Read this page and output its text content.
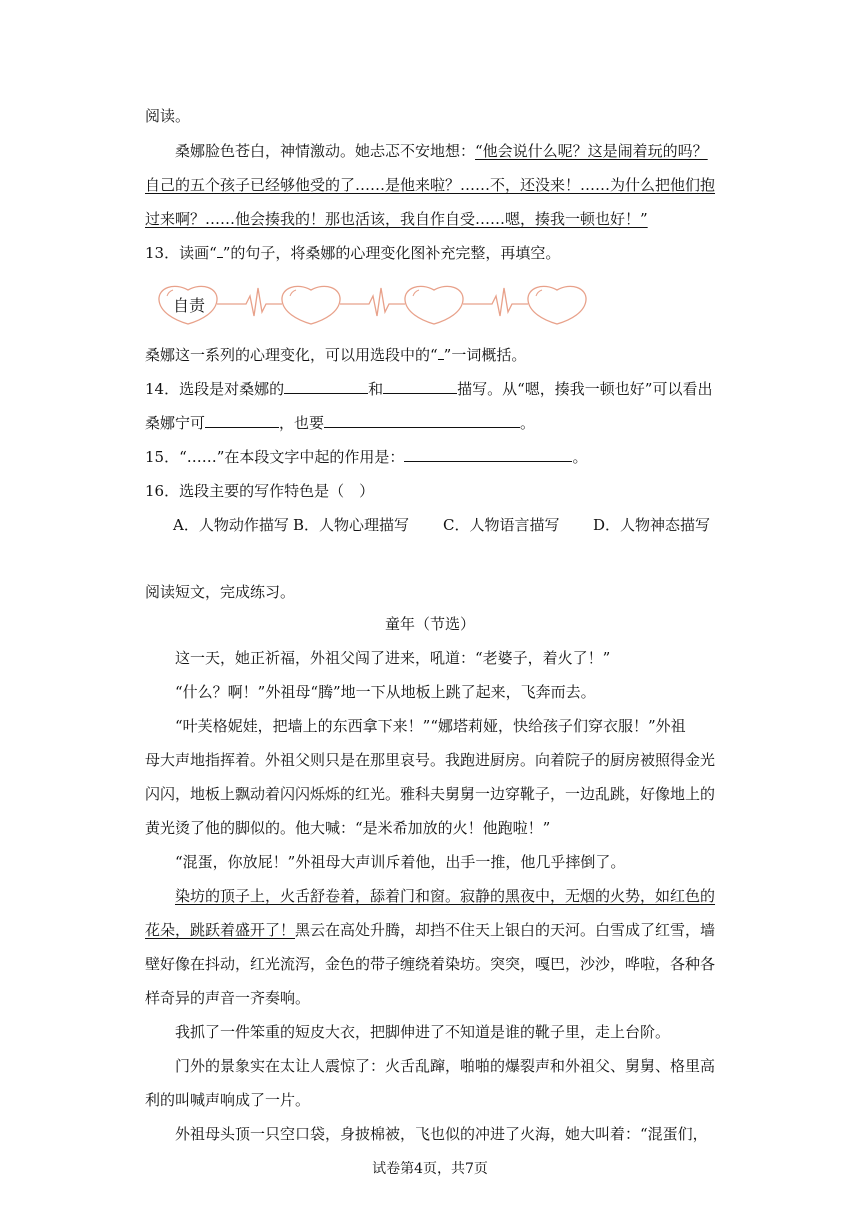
阅读。
桑娜脸色苍白，神情激动。她忐忑不安地想：“他会说什么呢？这是闹着玩的吗？
自己的五个孩子已经够他受的了……是他来啦？……不，还没来！……为什么把他们抱
过来啊？……他会揍我的！那也活该，我自作自受……嗯，揍我一顿也好！”
13．读画“ ”的句子，将桑娜的心理变化图补充完整，再填空。
自责
桑娜这一系列的心理变化，可以用选段中的“ ”一词概括。
14．选段是对桑娜的	和	描写。从“嗯，揍我一顿也好”可以看出
桑娜宁可	，也要	。
15．“……”在本段文字中起的作用是：	。
16．选段主要的写作特色是（　）
A．人物动作描写 B．人物心理描写 C．人物语言描写 D．人物神态描写
阅读短文，完成练习。
童年（节选）
这一天，她正祈福，外祖父闯了进来，吼道：“老婆子，着火了！”
“什么？啊！”外祖母“腾”地一下从地板上跳了起来，飞奔而去。
“叶芙格妮娃，把墙上的东西拿下来！”“娜塔莉娅，快给孩子们穿衣服！”外祖
母大声地指挥着。外祖父则只是在那里哀号。我跑进厨房。向着院子的厨房被照得金光
闪闪，地板上飘动着闪闪烁烁的红光。雅科夫舅舅一边穿靴子，一边乱跳，好像地上的
黄光烫了他的脚似的。他大喊：“是米希加放的火！他跑啦！”
“混蛋，你放屁！”外祖母大声训斥着他，出手一推，他几乎摔倒了。
染坊的顶子上，火舌舒卷着，舔着门和窗。寂静的黑夜中，无烟的火势，如红色的
花朵，跳跃着盛开了！黑云在高处升腾，却挡不住天上银白的天河。白雪成了红雪，墙
壁好像在抖动，红光流泻，金色的带子缠绕着染坊。突突，嘎巴，沙沙，哗啦，各种各
样奇异的声音一齐奏响。
我抓了一件笨重的短皮大衣，把脚伸进了不知道是谁的靴子里，走上台阶。
门外的景象实在太让人震惊了：火舌乱蹿，啪啪的爆裂声和外祖父、舅舅、格里高
利的叫喊声响成了一片。
外祖母头顶一只空口袋，身披棉被，飞也似的冲进了火海，她大叫着：“混蛋们，
试卷第4页，共7页
